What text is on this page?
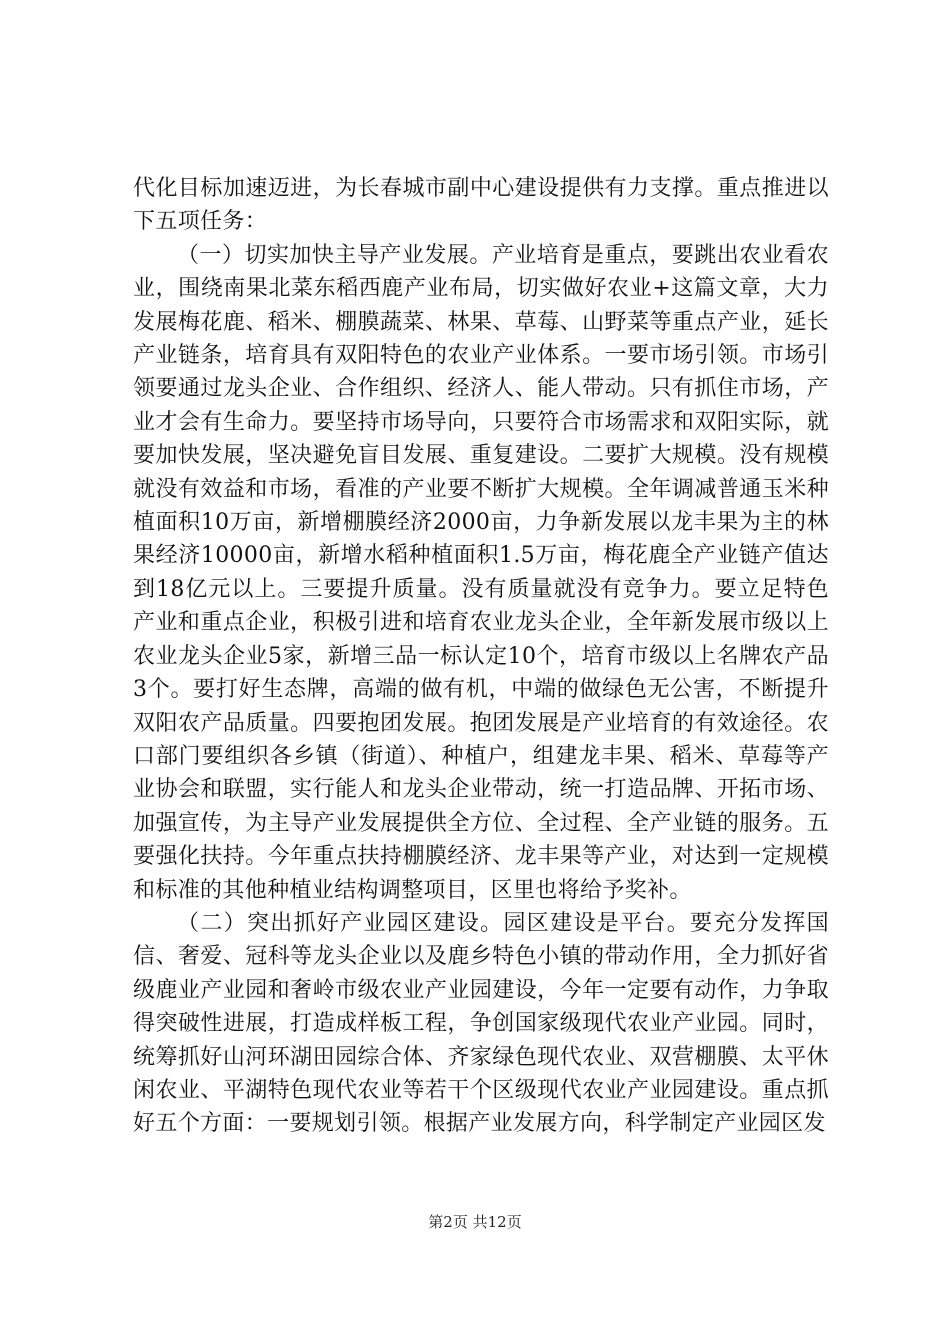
代化目标加速迈进，为长春城市副中心建设提供有力支撑。重点推进以下五项任务：

（一）切实加快主导产业发展。产业培育是重点，要跳出农业看农业，围绕南果北菜东稻西鹿产业布局，切实做好农业+这篇文章，大力发展梅花鹿、稻米、棚膜蔬菜、林果、草莓、山野菜等重点产业，延长产业链条，培育具有双阳特色的农业产业体系。一要市场引领。市场引领要通过龙头企业、合作组织、经济人、能人带动。只有抓住市场，产业才会有生命力。要坚持市场导向，只要符合市场需求和双阳实际，就要加快发展，坚决避免盲目发展、重复建设。二要扩大规模。没有规模就没有效益和市场，看准的产业要不断扩大规模。全年调减普通玉米种植面积10万亩，新增棚膜经济2000亩，力争新发展以龙丰果为主的林果经济10000亩，新增水稻种植面积1.5万亩，梅花鹿全产业链产值达到18亿元以上。三要提升质量。没有质量就没有竞争力。要立足特色产业和重点企业，积极引进和培育农业龙头企业，全年新发展市级以上农业龙头企业5家，新增三品一标认定10个，培育市级以上名牌农产品3个。要打好生态牌，高端的做有机，中端的做绿色无公害，不断提升双阳农产品质量。四要抱团发展。抱团发展是产业培育的有效途径。农口部门要组织各乡镇（街道）、种植户，组建龙丰果、稻米、草莓等产业协会和联盟，实行能人和龙头企业带动，统一打造品牌、开拓市场、加强宣传，为主导产业发展提供全方位、全过程、全产业链的服务。五要强化扶持。今年重点扶持棚膜经济、龙丰果等产业，对达到一定规模和标准的其他种植业结构调整项目，区里也将给予奖补。

（二）突出抓好产业园区建设。园区建设是平台。要充分发挥国信、奢爱、冠科等龙头企业以及鹿乡特色小镇的带动作用，全力抓好省级鹿业产业园和奢岭市级农业产业园建设，今年一定要有动作，力争取得突破性进展，打造成样板工程，争创国家级现代农业产业园。同时，统筹抓好山河环湖田园综合体、齐家绿色现代农业、双营棚膜、太平休闲农业、平湖特色现代农业等若干个区级现代农业产业园建设。重点抓好五个方面：一要规划引领。根据产业发展方向，科学制定产业园区发

第2页 共12页
